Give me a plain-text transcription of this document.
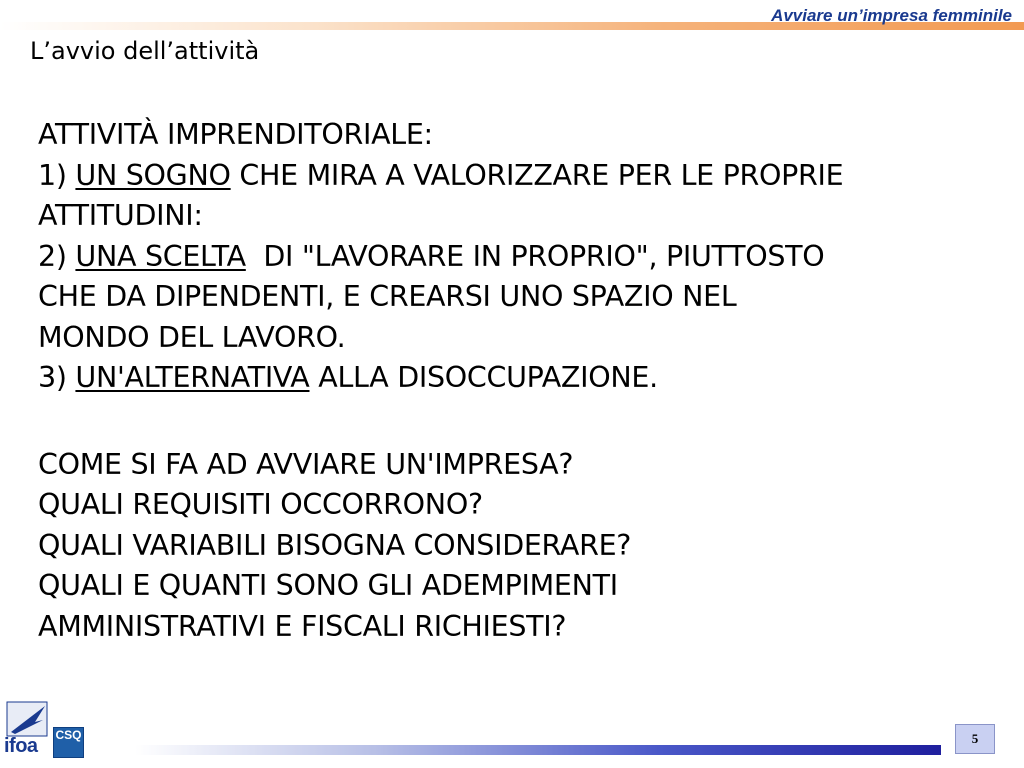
Avviare un’impresa femminile
L’avvio dell’attività
ATTIVITÀ IMPRENDITORIALE:
1) UN SOGNO CHE MIRA A VALORIZZARE PER LE PROPRIE
ATTITUDINI:
2) UNA SCELTA  DI "LAVORARE IN PROPRIO", PIUTTOSTO
CHE DA DIPENDENTI, E CREARSI UNO SPAZIO NEL
MONDO DEL LAVORO.
3) UN'ALTERNATIVA ALLA DISOCCUPAZIONE.
COME SI FA AD AVVIARE UN'IMPRESA?
QUALI REQUISITI OCCORRONO?
QUALI VARIABILI BISOGNA CONSIDERARE?
QUALI E QUANTI SONO GLI ADEMPIMENTI
AMMINISTRATIVI E FISCALI RICHIESTI?
ifoa CSQ	5
